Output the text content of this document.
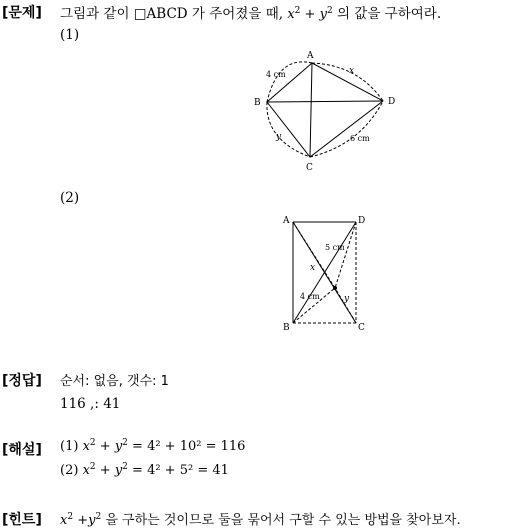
[문제] 그림과 같이 □ABCD 가 주어졌을 때, $x^2 + y^2$ 의 값을 구하여라.
(1)
A
B
C
D
4 cm	x
y	6 cm
(2)
A	D
B	C
5 cm
4 cm
x
y
[정답] 순서: 없음, 갯수: 1
116 ,: 41
[해설] (1) $x^2 + y^2 = 4^2 + 10^2 = 116$
(2) $x^2 + y^2 = 4^2 + 5^2 = 41$
[힌트] $x^2 +y^2$ 을 구하는 것이므로 둘을 묶어서 구할 수 있는 방법을 찾아보자.
